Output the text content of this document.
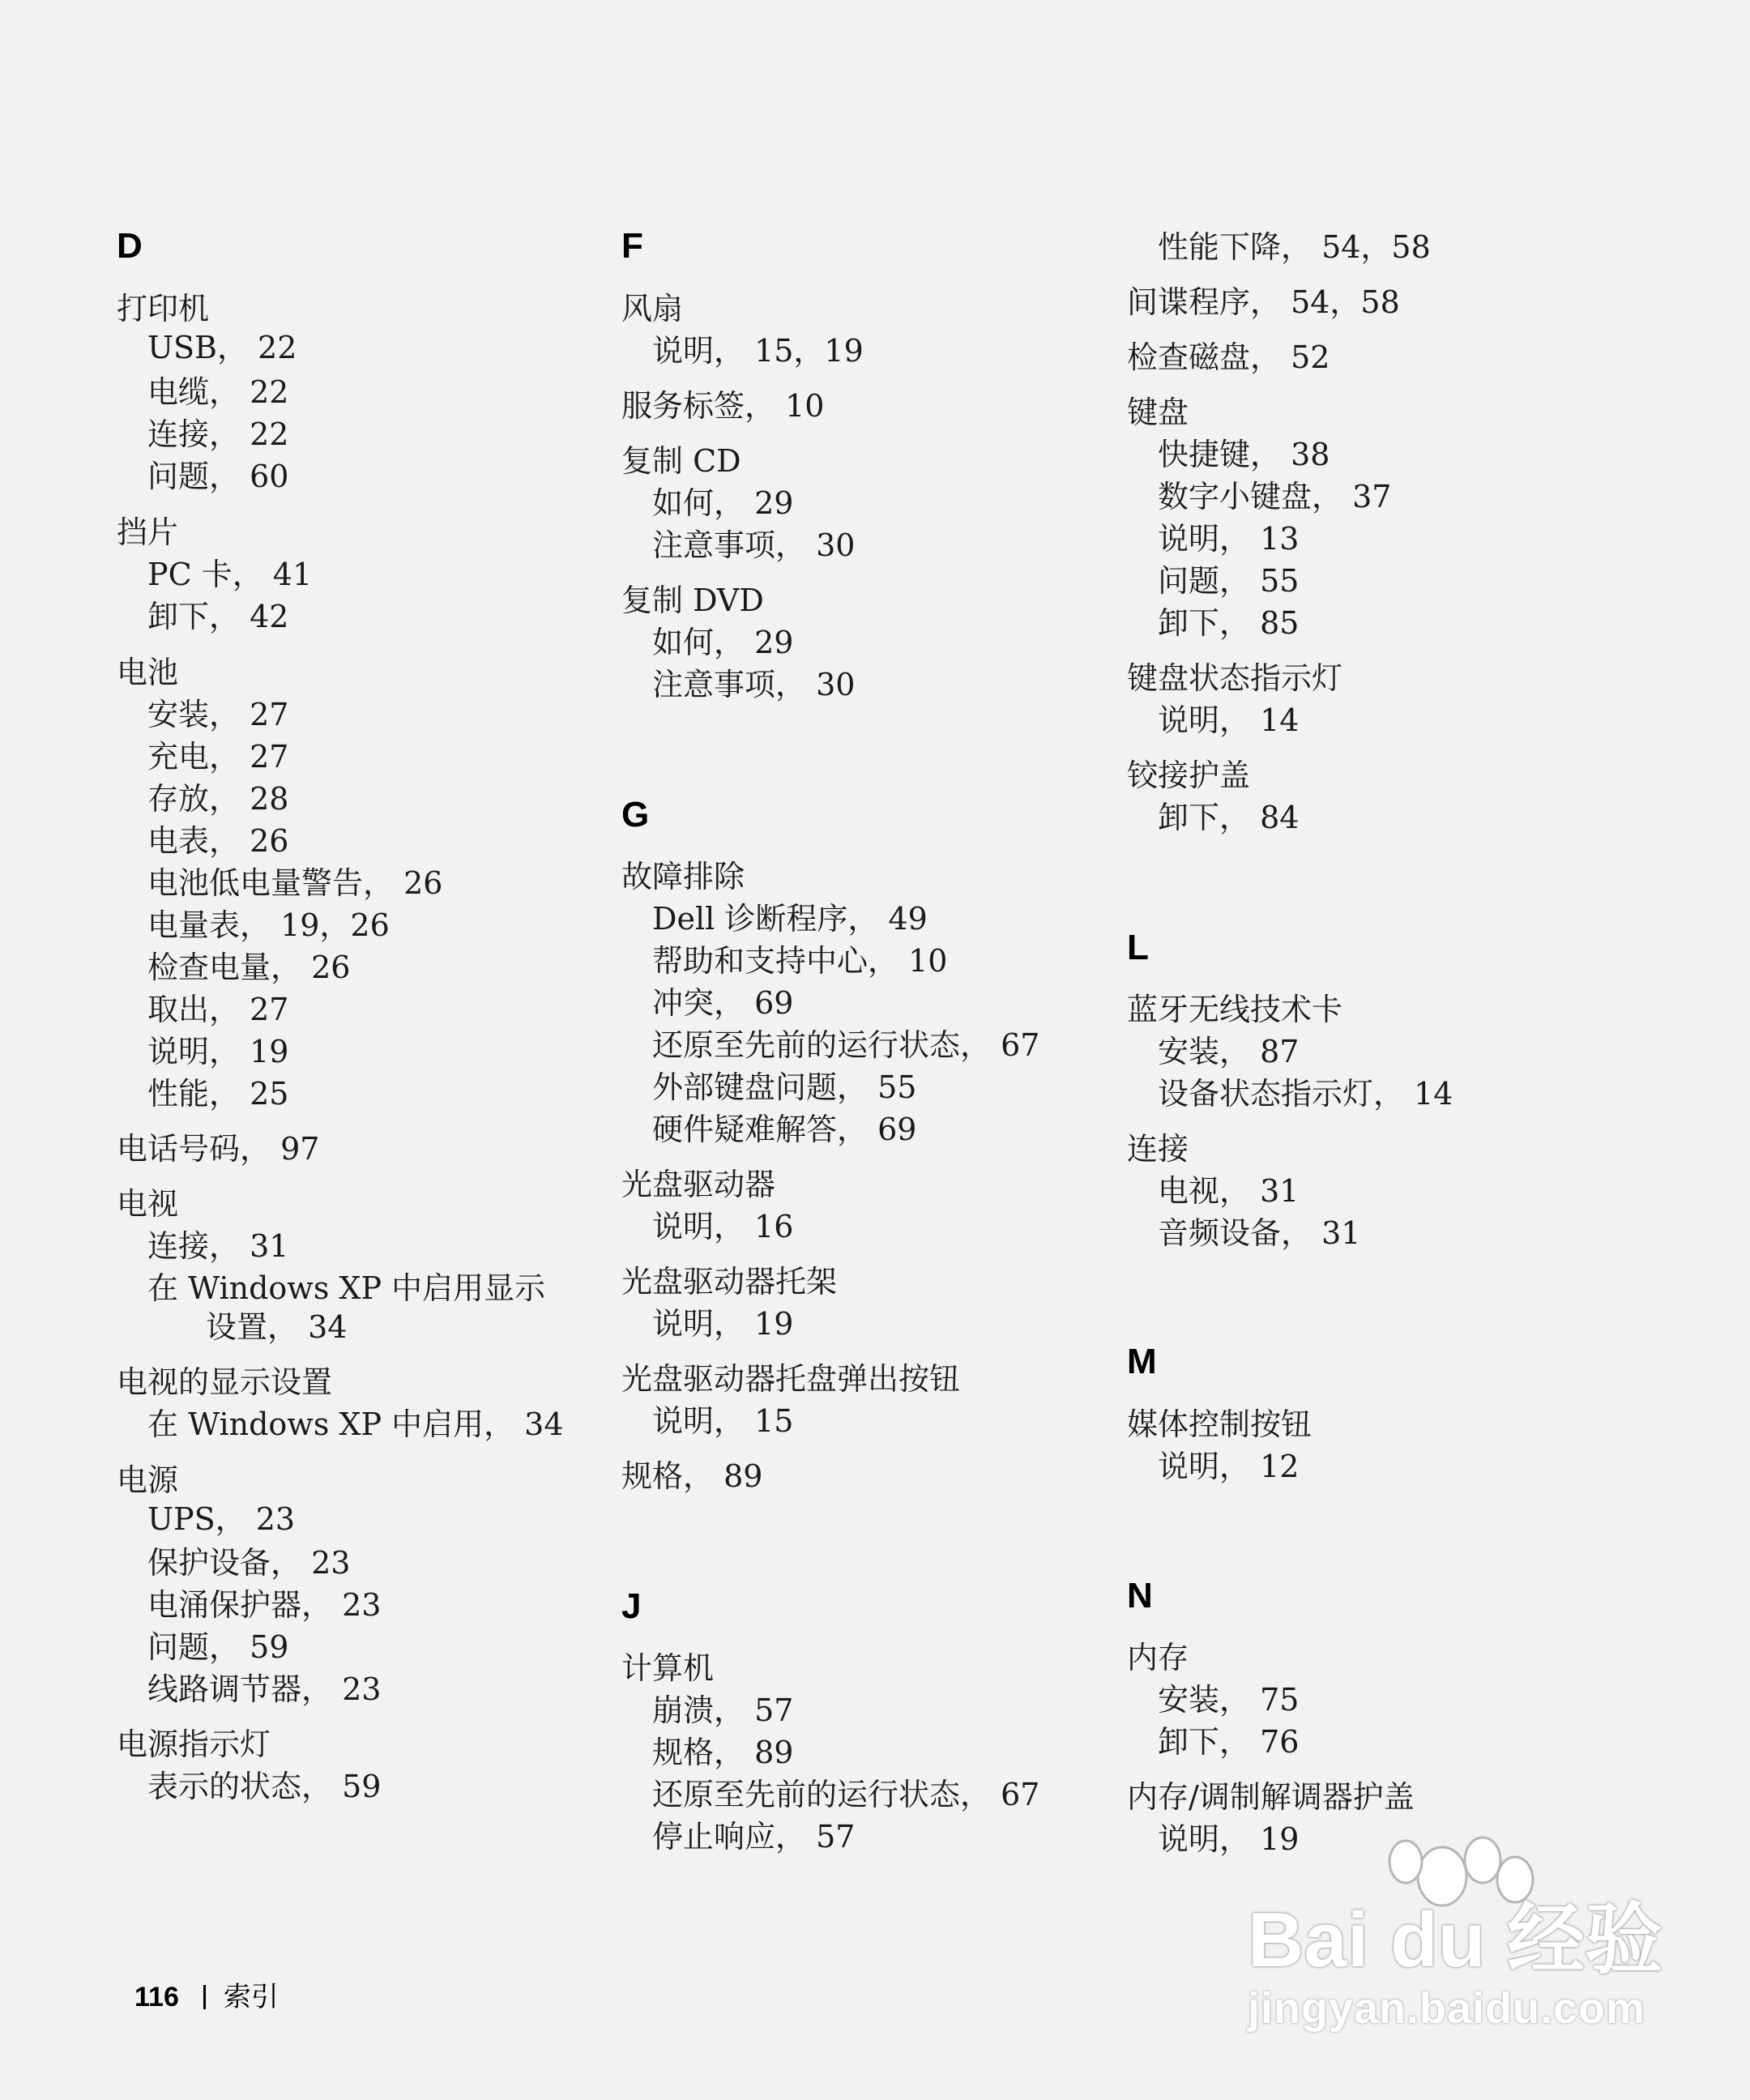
D
打印机
USB， 22
电缆， 22
连接， 22
问题， 60
挡片
PC 卡， 41
卸下， 42
电池
安装， 27
充电， 27
存放， 28
电表， 26
电池低电量警告， 26
电量表， 19，26
检查电量， 26
取出， 27
说明， 19
性能， 25
电话号码， 97
电视
连接， 31
在 Windows XP 中启用显示
设置， 34
电视的显示设置
在 Windows XP 中启用， 34
电源
UPS， 23
保护设备， 23
电涌保护器， 23
问题， 59
线路调节器， 23
电源指示灯
表示的状态， 59
F
风扇
说明， 15，19
服务标签， 10
复制 CD
如何， 29
注意事项， 30
复制 DVD
如何， 29
注意事项， 30
G
故障排除
Dell 诊断程序， 49
帮助和支持中心， 10
冲突， 69
还原至先前的运行状态， 67
外部键盘问题， 55
硬件疑难解答， 69
光盘驱动器
说明， 16
光盘驱动器托架
说明， 19
光盘驱动器托盘弹出按钮
说明， 15
规格， 89
J
计算机
崩溃， 57
规格， 89
还原至先前的运行状态， 67
停止响应， 57
性能下降， 54，58
间谍程序， 54，58
检查磁盘， 52
键盘
快捷键， 38
数字小键盘， 37
说明， 13
问题， 55
卸下， 85
键盘状态指示灯
说明， 14
铰接护盖
卸下， 84
L
蓝牙无线技术卡
安装， 87
设备状态指示灯， 14
连接
电视， 31
音频设备， 31
M
媒体控制按钮
说明， 12
N
内存
安装， 75
卸下， 76
内存/调制解调器护盖
说明， 19
116 索引
Bai du 经验
jingyan.baidu.com
